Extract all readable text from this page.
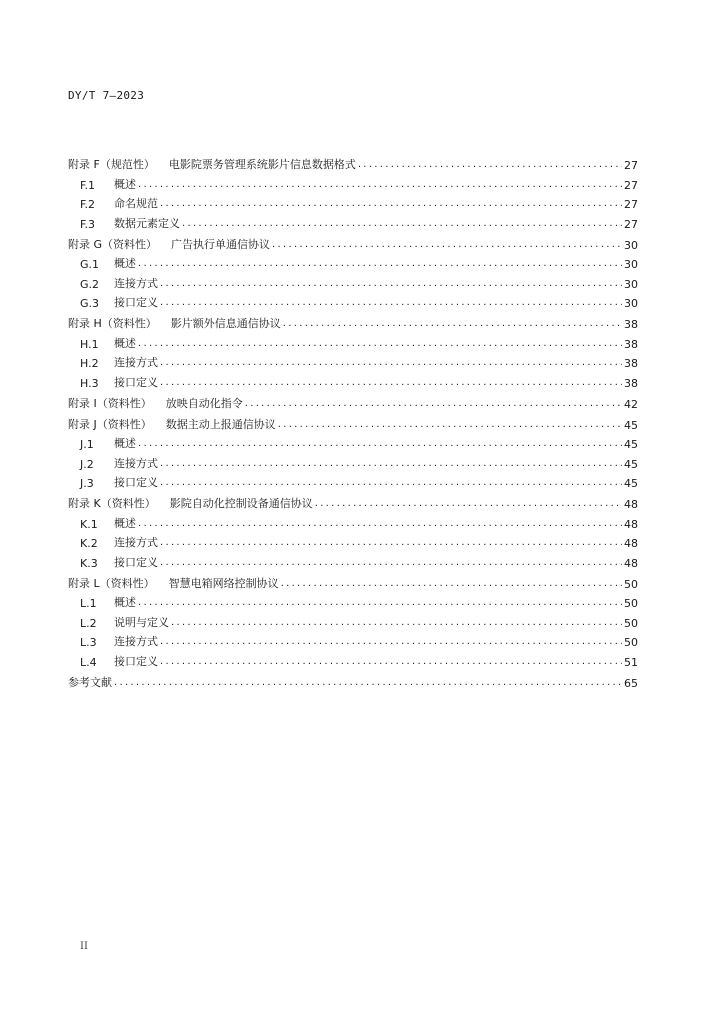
DY/T 7—2023
附录 F（规范性）	电影院票务管理系统影片信息数据格式 .....	27
F.1	概述 .....	27
F.2	命名规范 .....	27
F.3	数据元素定义 .....	27
附录 G（资料性）	广告执行单通信协议 .....	30
G.1	概述 .....	30
G.2	连接方式 .....	30
G.3	接口定义 .....	30
附录 H（资料性）	影片额外信息通信协议 .....	38
H.1	概述 .....	38
H.2	连接方式 .....	38
H.3	接口定义 .....	38
附录 I（资料性）	放映自动化指令 .....	42
附录 J（资料性）	数据主动上报通信协议 .....	45
J.1	概述 .....	45
J.2	连接方式 .....	45
J.3	接口定义 .....	45
附录 K（资料性）	影院自动化控制设备通信协议 .....	48
K.1	概述 .....	48
K.2	连接方式 .....	48
K.3	接口定义 .....	48
附录 L（资料性）	智慧电箱网络控制协议 .....	50
L.1	概述 .....	50
L.2	说明与定义 .....	50
L.3	连接方式 .....	50
L.4	接口定义 .....	51
参考文献 .....	65
II
